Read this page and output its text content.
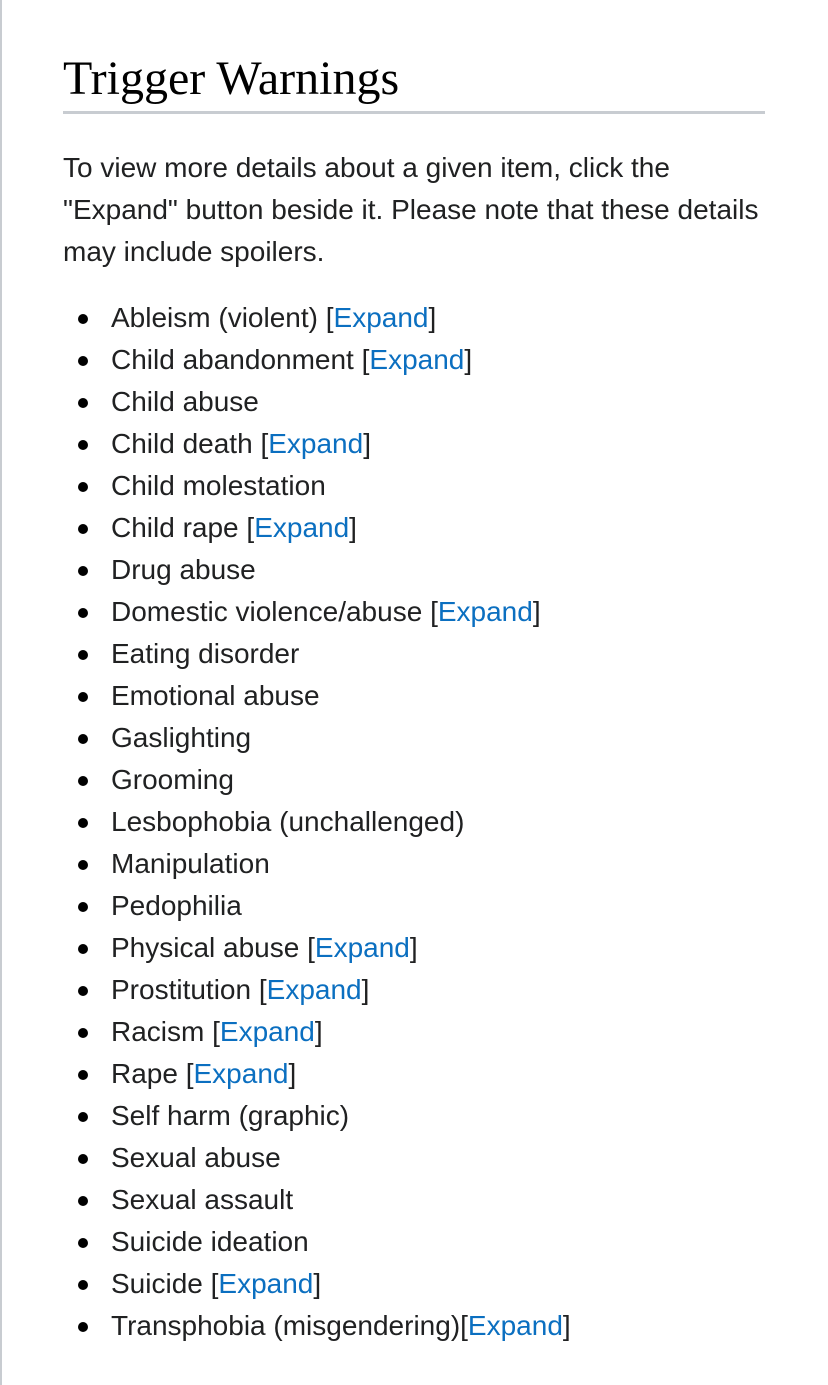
Trigger Warnings

To view more details about a given item, click the "Expand" button beside it. Please note that these details may include spoilers.

Ableism (violent) [Expand]
Child abandonment [Expand]
Child abuse
Child death [Expand]
Child molestation
Child rape [Expand]
Drug abuse
Domestic violence/abuse [Expand]
Eating disorder
Emotional abuse
Gaslighting
Grooming
Lesbophobia (unchallenged)
Manipulation
Pedophilia
Physical abuse [Expand]
Prostitution [Expand]
Racism [Expand]
Rape [Expand]
Self harm (graphic)
Sexual abuse
Sexual assault
Suicide ideation
Suicide [Expand]
Transphobia (misgendering)[Expand]
